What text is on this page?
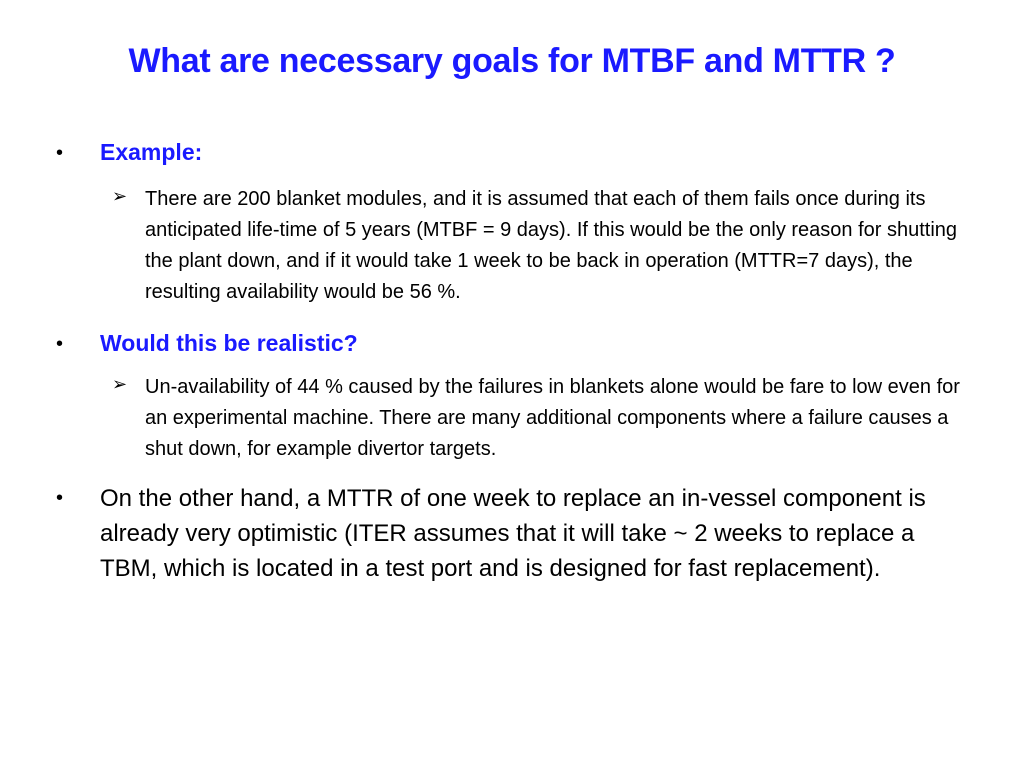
What are necessary goals for MTBF and MTTR ?
• Example:
➢ There are 200 blanket modules, and it is assumed that each of them fails once during its anticipated life-time of 5 years (MTBF = 9 days). If this would be the only reason for shutting the plant down, and if it would take 1 week to be back in operation (MTTR=7 days), the resulting availability would be 56 %.
• Would this be realistic?
➢ Un-availability of 44 % caused by the failures in blankets alone would be fare to low even for an experimental machine. There are many additional components where a failure causes a shut down, for example divertor targets.
• On the other hand, a MTTR of one week to replace an in-vessel component is already very optimistic (ITER assumes that it will take ~ 2 weeks to replace a TBM, which is located in a test port and is designed for fast replacement).
